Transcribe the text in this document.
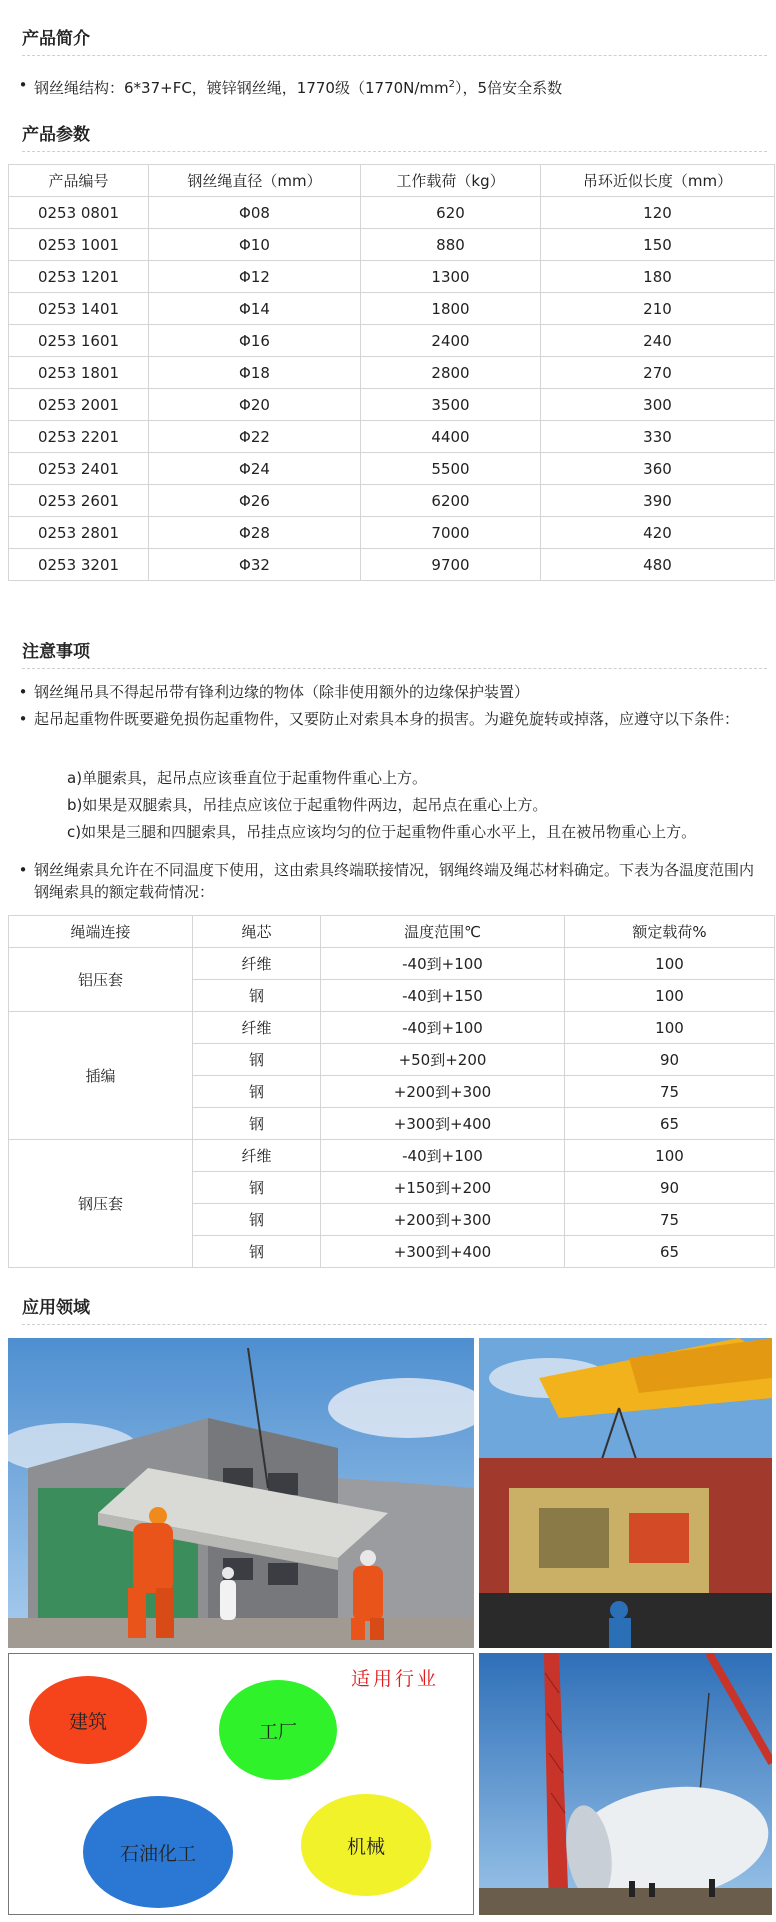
产品简介
• 钢丝绳结构：6*37+FC，镀锌钢丝绳，1770级$(1770N/mm^2)$，5倍安全系数
产品参数
产品编号	钢丝绳直径（mm）	工作载荷（kg）	吊环近似长度（mm）
0253 0801	Φ08	620	120
0253 1001	Φ10	880	150
0253 1201	Φ12	1300	180
0253 1401	Φ14	1800	210
0253 1601	Φ16	2400	240
0253 1801	Φ18	2800	270
0253 2001	Φ20	3500	300
0253 2201	Φ22	4400	330
0253 2401	Φ24	5500	360
0253 2601	Φ26	6200	390
0253 2801	Φ28	7000	420
0253 3201	Φ32	9700	480
注意事项
• 钢丝绳吊具不得起吊带有锋利边缘的物体（除非使用额外的边缘保护装置）
• 起吊起重物件既要避免损伤起重物件，又要防止对索具本身的损害。为避免旋转或掉落，应遵守以下条件：
a)单腿索具，起吊点应该垂直位于起重物件重心上方。
b)如果是双腿索具，吊挂点应该位于起重物件两边，起吊点在重心上方。
c)如果是三腿和四腿索具，吊挂点应该均匀的位于起重物件重心水平上，且在被吊物重心上方。
• 钢丝绳索具允许在不同温度下使用，这由索具终端联接情况，钢绳终端及绳芯材料确定。下表为各温度范围内钢绳索具的额定载荷情况：
绳端连接	绳芯	温度范围℃	额定载荷%
铝压套	纤维	-40到+100	100
	钢	-40到+150	100
插编	纤维	-40到+100	100
	钢	+50到+200	90
	钢	+200到+300	75
	钢	+300到+400	65
钢压套	纤维	-40到+100	100
	钢	+150到+200	90
	钢	+200到+300	75
	钢	+300到+400	65
应用领域
适用行业
建筑	工厂
石油化工	机械
